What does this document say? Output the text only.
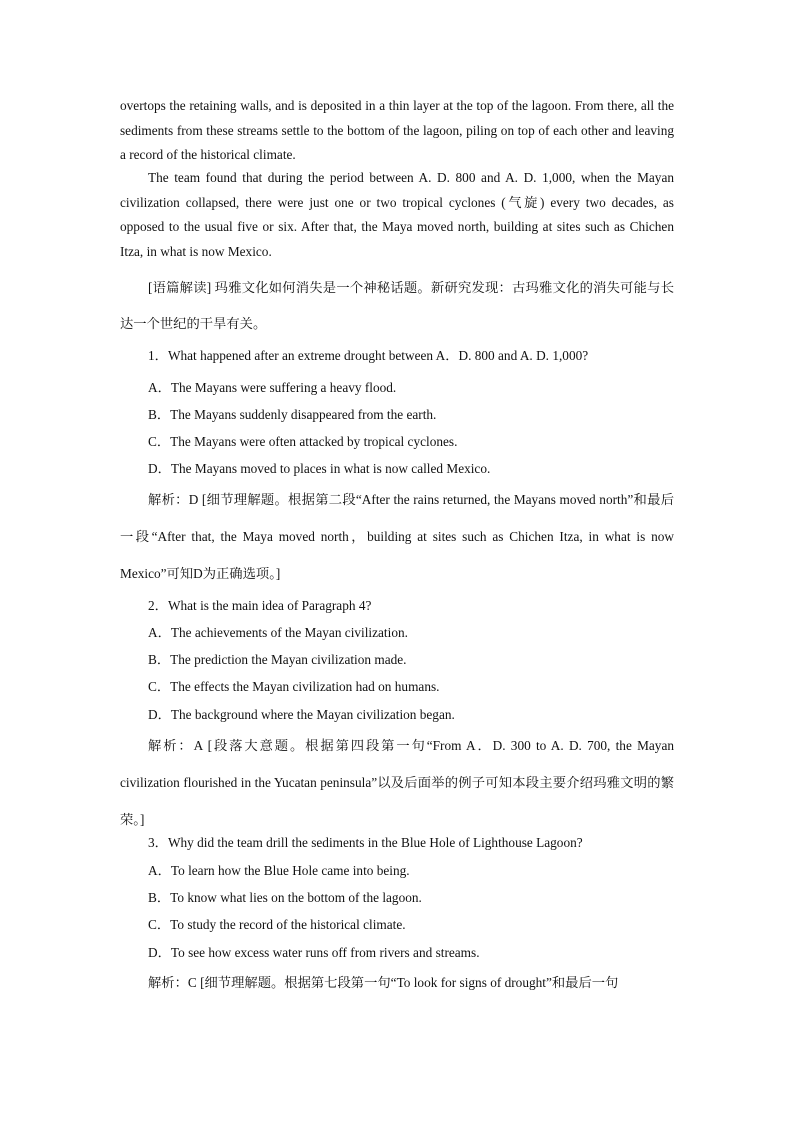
overtops the retaining walls, and is deposited in a thin layer at the top of the lagoon. From there, all the sediments from these streams settle to the bottom of the lagoon, piling on top of each other and leaving a record of the historical climate.
The team found that during the period between A. D. 800 and A. D. 1,000, when the Mayan civilization collapsed, there were just one or two tropical cyclones (气旋) every two decades, as opposed to the usual five or six. After that, the Maya moved north, building at sites such as Chichen Itza, in what is now Mexico.
[语篇解读] 玛雅文化如何消失是一个神秘话题。新研究发现：古玛雅文化的消失可能与长达一个世纪的干旱有关。
1．What happened after an extreme drought between A．D. 800 and A. D. 1,000?
A．The Mayans were suffering a heavy flood.
B．The Mayans suddenly disappeared from the earth.
C．The Mayans were often attacked by tropical cyclones.
D．The Mayans moved to places in what is now called Mexico.
解析：D [细节理解题。根据第二段“After the rains returned, the Mayans moved north”和最后一段“After that, the Maya moved north，building at sites such as Chichen Itza, in what is now Mexico”可知D为正确选项。]
2．What is the main idea of Paragraph 4?
A．The achievements of the Mayan civilization.
B．The prediction the Mayan civilization made.
C．The effects the Mayan civilization had on humans.
D．The background where the Mayan civilization began.
解析：A [段落大意题。根据第四段第一句“From A．D. 300 to A. D. 700, the Mayan civilization flourished in the Yucatan peninsula”以及后面举的例子可知本段主要介绍玛雅文明的繁荣。]
3．Why did the team drill the sediments in the Blue Hole of Lighthouse Lagoon?
A．To learn how the Blue Hole came into being.
B．To know what lies on the bottom of the lagoon.
C．To study the record of the historical climate.
D．To see how excess water runs off from rivers and streams.
解析：C [细节理解题。根据第七段第一句“To look for signs of drought”和最后一句
